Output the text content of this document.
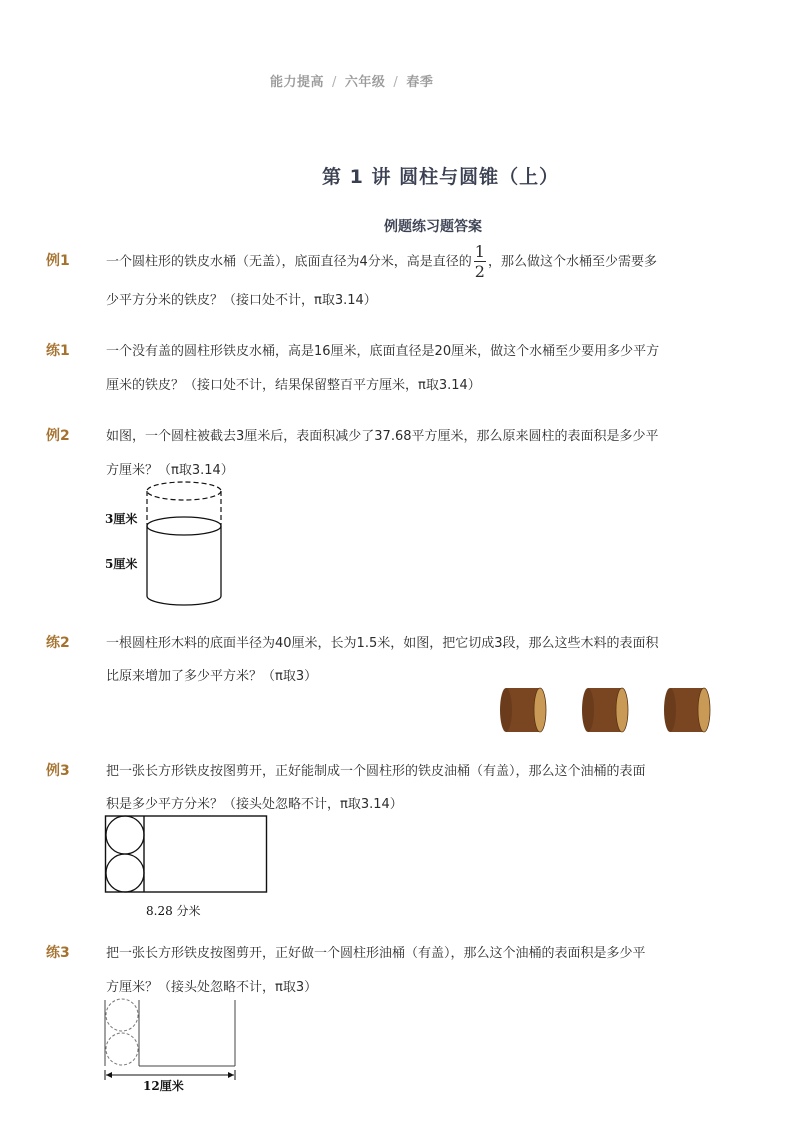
能力提高 / 六年级 / 春季
第 1 讲 圆柱与圆锥（上）
例题练习题答案
例1	一个圆柱形的铁皮水桶（无盖），底面直径为4分米，高是直径的 $\frac{1}{2}$ ，那么做这个水桶至少需要多
少平方分米的铁皮？（接口处不计，π取3.14）
练1	一个没有盖的圆柱形铁皮水桶，高是16厘米，底面直径是20厘米，做这个水桶至少要用多少平方
厘米的铁皮？（接口处不计，结果保留整百平方厘米，π取3.14）
例2	如图，一个圆柱被截去3厘米后，表面积减少了37.68平方厘米，那么原来圆柱的表面积是多少平
方厘米？（π取3.14）
3厘米
5厘米
练2	一根圆柱形木料的底面半径为40厘米，长为1.5米，如图，把它切成3段，那么这些木料的表面积
比原来增加了多少平方米？（π取3）
例3	把一张长方形铁皮按图剪开，正好能制成一个圆柱形的铁皮油桶（有盖），那么这个油桶的表面
积是多少平方分米？（接头处忽略不计，π取3.14）
8.28 分米
练3	把一张长方形铁皮按图剪开，正好做一个圆柱形油桶（有盖），那么这个油桶的表面积是多少平
方厘米？（接头处忽略不计，π取3）
12厘米
